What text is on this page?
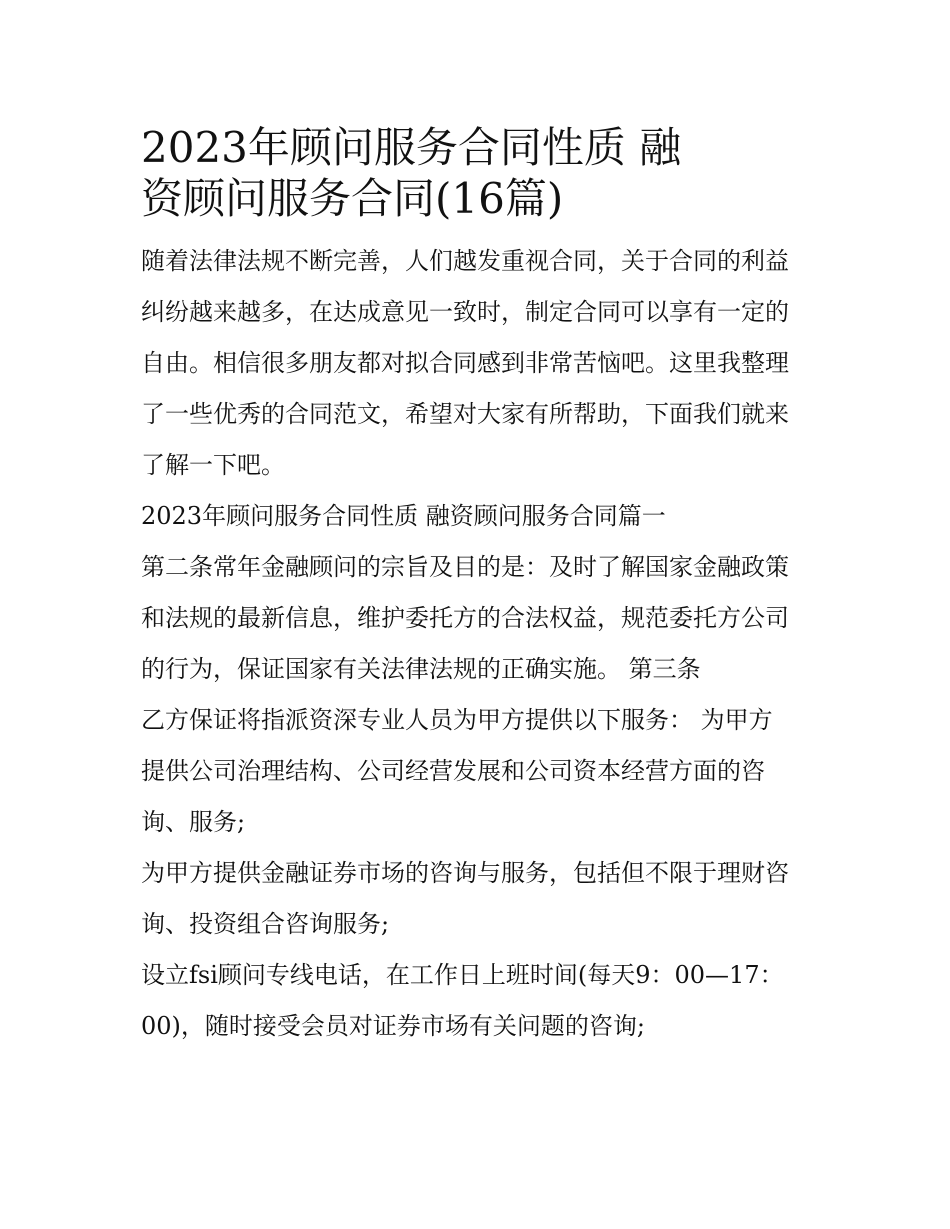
2023年顾问服务合同性质 融
资顾问服务合同(16篇)
随着法律法规不断完善，人们越发重视合同，关于合同的利益
纠纷越来越多，在达成意见一致时，制定合同可以享有一定的
自由。相信很多朋友都对拟合同感到非常苦恼吧。这里我整理
了一些优秀的合同范文，希望对大家有所帮助，下面我们就来
了解一下吧。
2023年顾问服务合同性质 融资顾问服务合同篇一
第二条常年金融顾问的宗旨及目的是：及时了解国家金融政策
和法规的最新信息，维护委托方的合法权益，规范委托方公司
的行为，保证国家有关法律法规的正确实施。 第三条
乙方保证将指派资深专业人员为甲方提供以下服务： 为甲方
提供公司治理结构、公司经营发展和公司资本经营方面的咨
询、服务;
为甲方提供金融证券市场的咨询与服务，包括但不限于理财咨
询、投资组合咨询服务;
设立fsi顾问专线电话，在工作日上班时间(每天9：00—17：
00)，随时接受会员对证券市场有关问题的咨询;
